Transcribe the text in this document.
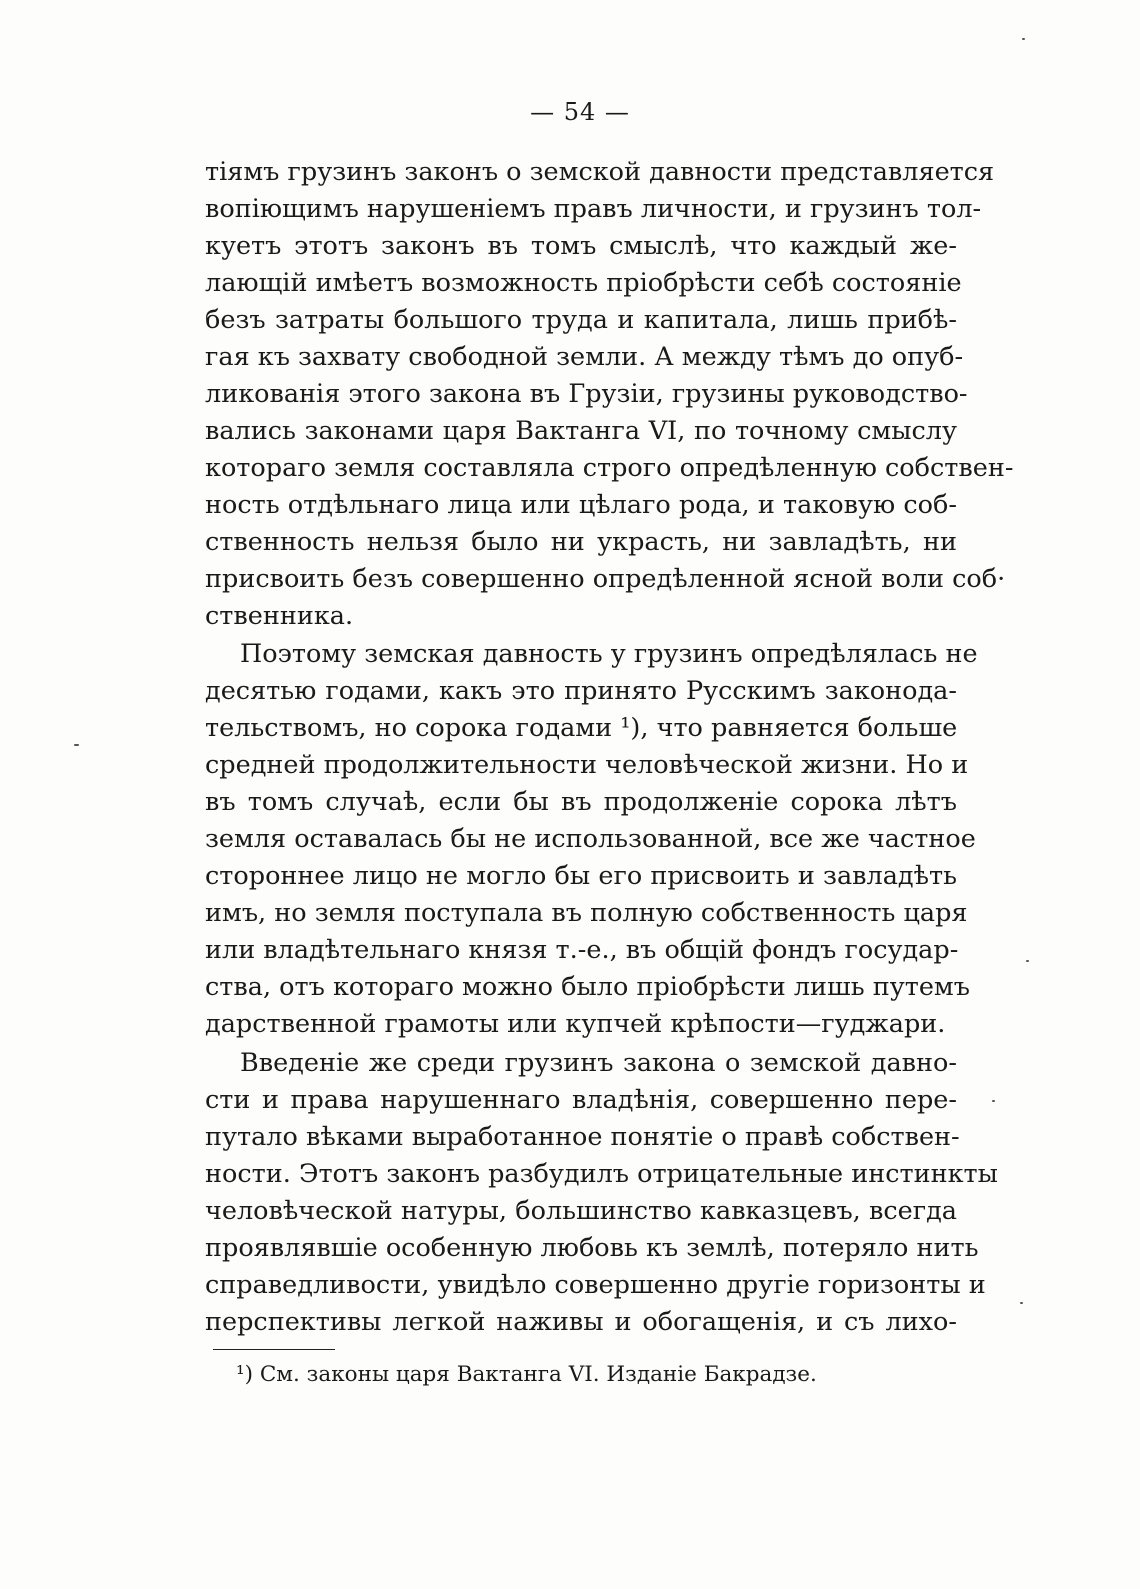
— 54 —
тіямъ грузинъ законъ о земской давности представляется
вопіющимъ нарушеніемъ правъ личности, и грузинъ тол-
куетъ этотъ законъ въ томъ смыслѣ, что каждый же-
лающій имѣетъ возможность пріобрѣсти себѣ состояніе
безъ затраты большого труда и капитала, лишь прибѣ-
гая къ захвату свободной земли. А между тѣмъ до опуб-
ликованія этого закона въ Грузіи, грузины руководство-
вались законами царя Вактанга VI, по точному смыслу
котораго земля составляла строго опредѣленную собствен-
ность отдѣльнаго лица или цѣлаго рода, и таковую соб-
ственность нельзя было ни украсть, ни завладѣть, ни
присвоить безъ совершенно опредѣленной ясной воли соб·
ственника.
Поэтому земская давность у грузинъ опредѣлялась не
десятью годами, какъ это принято Русскимъ законода-
тельствомъ, но сорока годами ¹), что равняется больше
средней продолжительности человѣческой жизни. Но и
въ томъ случаѣ, если бы въ продолженіе сорока лѣтъ
земля оставалась бы не использованной, все же частное
стороннее лицо не могло бы его присвоить и завладѣть
имъ, но земля поступала въ полную собственность царя
или владѣтельнаго князя т.-е., въ общій фондъ государ-
ства, отъ котораго можно было пріобрѣсти лишь путемъ
дарственной грамоты или купчей крѣпости—гуджари.
Введеніе же среди грузинъ закона о земской давно-
сти и права нарушеннаго владѣнія, совершенно пере-
путало вѣками выработанное понятіе о правѣ собствен-
ности. Этотъ законъ разбудилъ отрицательные инстинкты
человѣческой натуры, большинство кавказцевъ, всегда
проявлявшіе особенную любовь къ землѣ, потеряло нить
справедливости, увидѣло совершенно другіе горизонты и
перспективы легкой наживы и обогащенія, и съ лихо-
¹) См. законы царя Вактанга VI. Изданіе Бакрадзе.
